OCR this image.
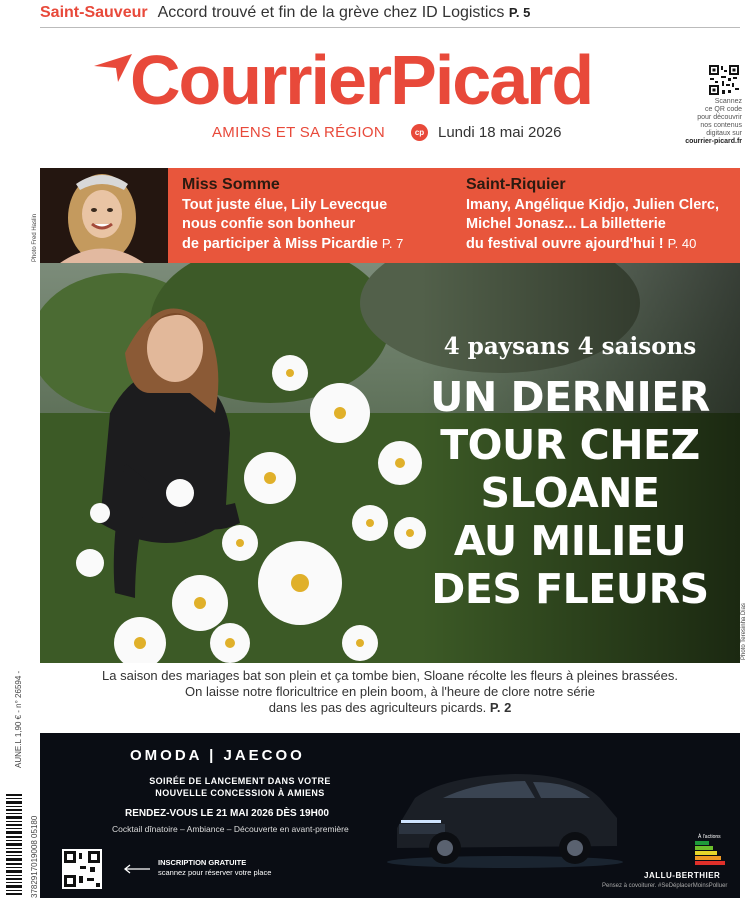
Saint-Sauveur Accord trouvé et fin de la grève chez ID Logistics P. 5
CourrierPicard
AMIENS ET SA RÉGION	cp Lundi 18 mai 2026
Scannez
ce QR code
pour découvrir
nos contenus
digitaux sur
courrier-picard.fr
Photo Fred Haslin
Photo Teresinha Dias
AUNE.L 1,90 € - n° 26594 -
Miss Somme
Tout juste élue, Lily Levecque
nous confie son bonheur
de participer à Miss Picardie P. 7
Saint-Riquier
Imany, Angélique Kidjo, Julien Clerc,
Michel Jonasz... La billetterie
du festival ouvre ajourd'hui ! P. 40
4 paysans 4 saisons
UN DERNIER
TOUR CHEZ
SLOANE
AU MILIEU
DES FLEURS
La saison des mariages bat son plein et ça tombe bien, Sloane récolte les fleurs à pleines brassées.
On laisse notre floricultrice en plein boom, à l'heure de clore notre série
dans les pas des agriculteurs picards. P. 2
OMODA | JAECOO
SOIRÉE DE LANCEMENT DANS VOTRE
NOUVELLE CONCESSION À AMIENS
RENDEZ-VOUS LE 21 MAI 2026 DÈS 19H00
Cocktail dînatoire – Ambiance – Découverte en avant-première
INSCRIPTION GRATUITE
scannez pour réserver votre place
À l'actions
JALLU-BERTHIER
Pensez à covoiturer. #SeDéplacerMoinsPolluer
3782917019008 05180
